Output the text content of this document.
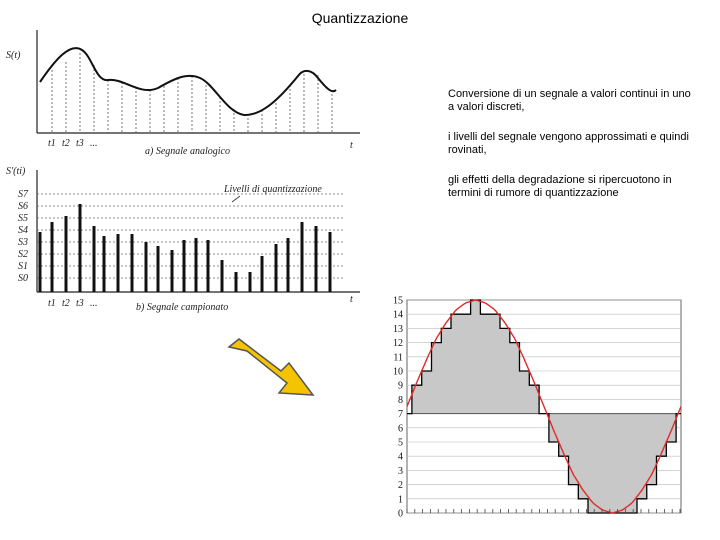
Quantizzazione

Conversione di un segnale a valori continui in uno a valori discreti,

i livelli del segnale vengono approssimati e quindi rovinati,

gli effetti della degradazione si ripercuotono in termini di rumore di quantizzazione

S(t)
t
t1 t2 t3 ...
a) Segnale analogico
S'(ti)
S7
S6
S5
S4
S3
S2
S1
S0
Livelli di quantizzazione
t
t1 t2 t3 ...	b) Segnale campionato
15
14
13
12
11
10
9
8
7
6
5
4
3
2
1
0
